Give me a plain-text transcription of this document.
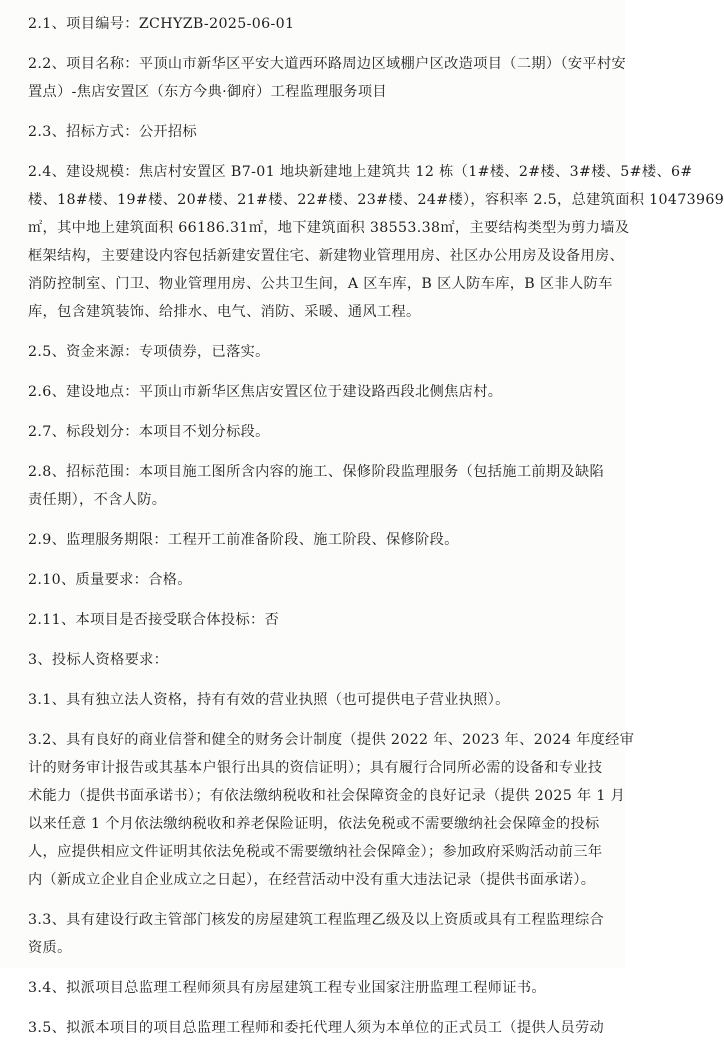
2.1、项目编号：ZCHYZB-2025-06-01
2.2、项目名称：平顶山市新华区平安大道西环路周边区域棚户区改造项目（二期）（安平村安
置点）-焦店安置区（东方今典·御府）工程监理服务项目
2.3、招标方式：公开招标
2.4、建设规模：焦店村安置区 B7-01 地块新建地上建筑共 12 栋（1#楼、2#楼、3#楼、5#楼、6#
楼、18#楼、19#楼、20#楼、21#楼、22#楼、23#楼、24#楼），容积率 2.5，总建筑面积 10473969
㎡，其中地上建筑面积 66186.31㎡，地下建筑面积 38553.38㎡，主要结构类型为剪力墙及
框架结构，主要建设内容包括新建安置住宅、新建物业管理用房、社区办公用房及设备用房、
消防控制室、门卫、物业管理用房、公共卫生间，A 区车库，B 区人防车库，B 区非人防车
库，包含建筑装饰、给排水、电气、消防、采暖、通风工程。
2.5、资金来源：专项债券，已落实。
2.6、建设地点：平顶山市新华区焦店安置区位于建设路西段北侧焦店村。
2.7、标段划分：本项目不划分标段。
2.8、招标范围：本项目施工图所含内容的施工、保修阶段监理服务（包括施工前期及缺陷
责任期），不含人防。
2.9、监理服务期限：工程开工前准备阶段、施工阶段、保修阶段。
2.10、质量要求：合格。
2.11、本项目是否接受联合体投标：否
3、投标人资格要求：
3.1、具有独立法人资格，持有有效的营业执照（也可提供电子营业执照）。
3.2、具有良好的商业信誉和健全的财务会计制度（提供 2022 年、2023 年、2024 年度经审
计的财务审计报告或其基本户银行出具的资信证明）；具有履行合同所必需的设备和专业技
术能力（提供书面承诺书）；有依法缴纳税收和社会保障资金的良好记录（提供 2025 年 1 月
以来任意 1 个月依法缴纳税收和养老保险证明，依法免税或不需要缴纳社会保障金的投标
人，应提供相应文件证明其依法免税或不需要缴纳社会保障金）；参加政府采购活动前三年
内（新成立企业自企业成立之日起），在经营活动中没有重大违法记录（提供书面承诺）。
3.3、具有建设行政主管部门核发的房屋建筑工程监理乙级及以上资质或具有工程监理综合
资质。
3.4、拟派项目总监理工程师须具有房屋建筑工程专业国家注册监理工程师证书。
3.5、拟派本项目的项目总监理工程师和委托代理人须为本单位的正式员工（提供人员劳动
